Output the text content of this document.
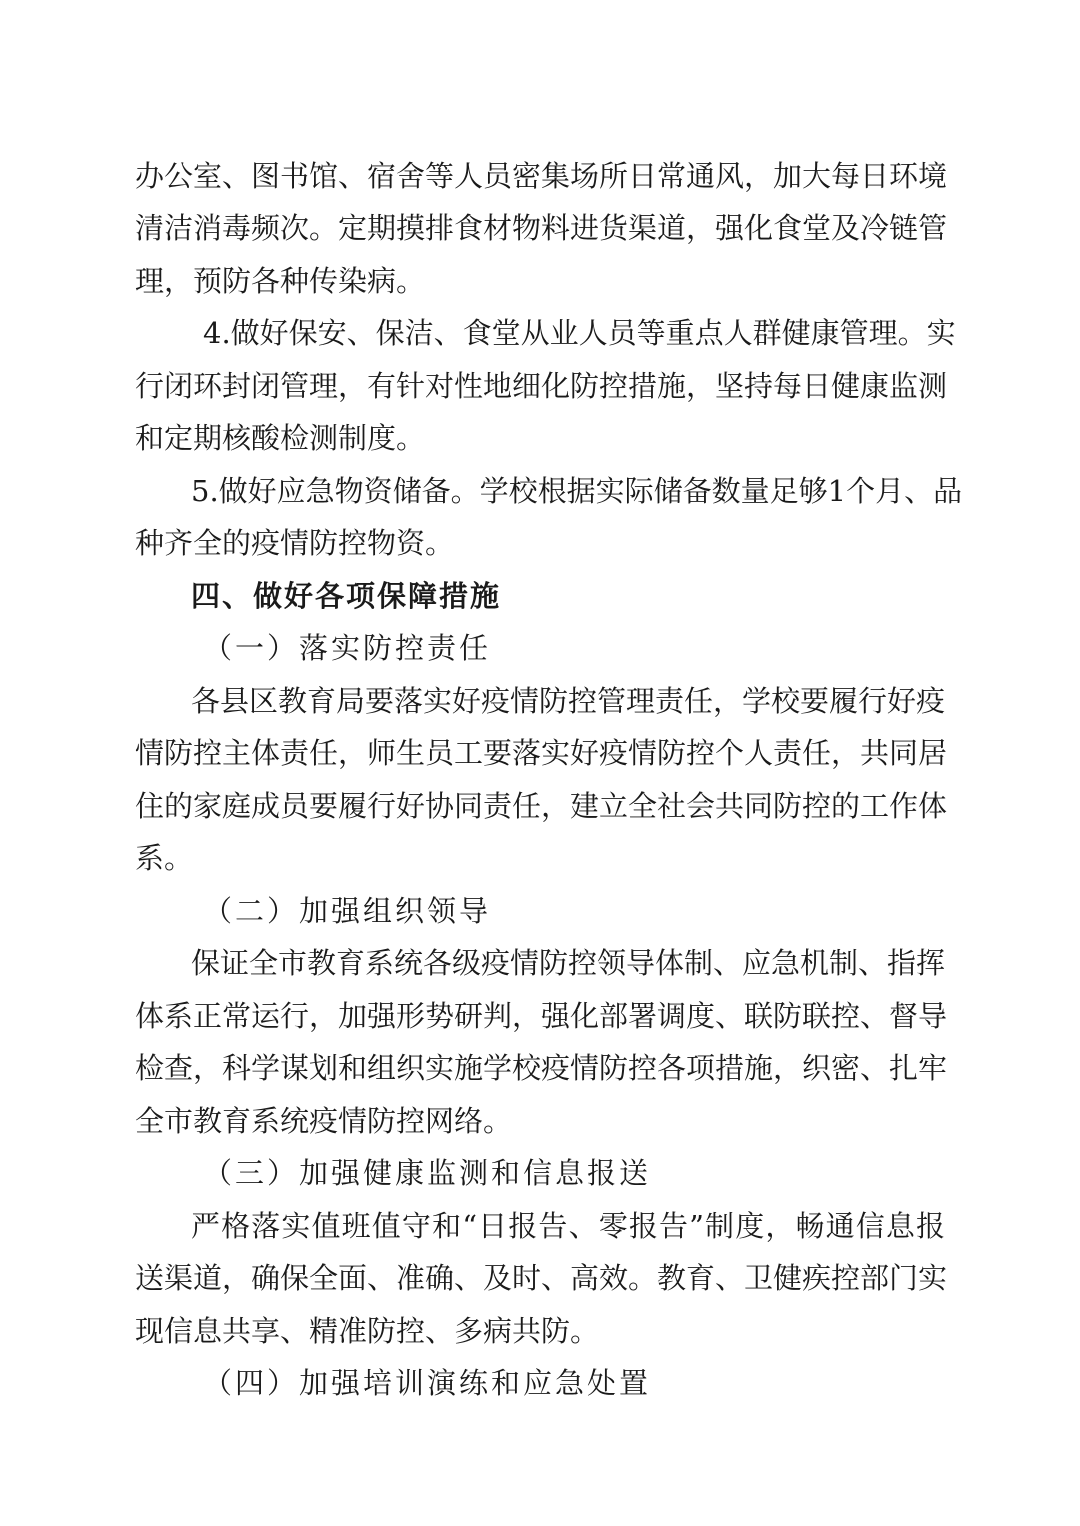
办公室、图书馆、宿舍等人员密集场所日常通风，加大每日环境
清洁消毒频次。定期摸排食材物料进货渠道，强化食堂及冷链管
理，预防各种传染病。
4.做好保安、保洁、食堂从业人员等重点人群健康管理。实
行闭环封闭管理，有针对性地细化防控措施，坚持每日健康监测
和定期核酸检测制度。
5.做好应急物资储备。学校根据实际储备数量足够1个月、品
种齐全的疫情防控物资。
四、做好各项保障措施
（一）落实防控责任
各县区教育局要落实好疫情防控管理责任，学校要履行好疫
情防控主体责任，师生员工要落实好疫情防控个人责任，共同居
住的家庭成员要履行好协同责任，建立全社会共同防控的工作体
系。
（二）加强组织领导
保证全市教育系统各级疫情防控领导体制、应急机制、指挥
体系正常运行，加强形势研判，强化部署调度、联防联控、督导
检查，科学谋划和组织实施学校疫情防控各项措施，织密、扎牢
全市教育系统疫情防控网络。
（三）加强健康监测和信息报送
严格落实值班值守和“日报告、零报告”制度，畅通信息报
送渠道，确保全面、准确、及时、高效。教育、卫健疾控部门实
现信息共享、精准防控、多病共防。
（四）加强培训演练和应急处置
